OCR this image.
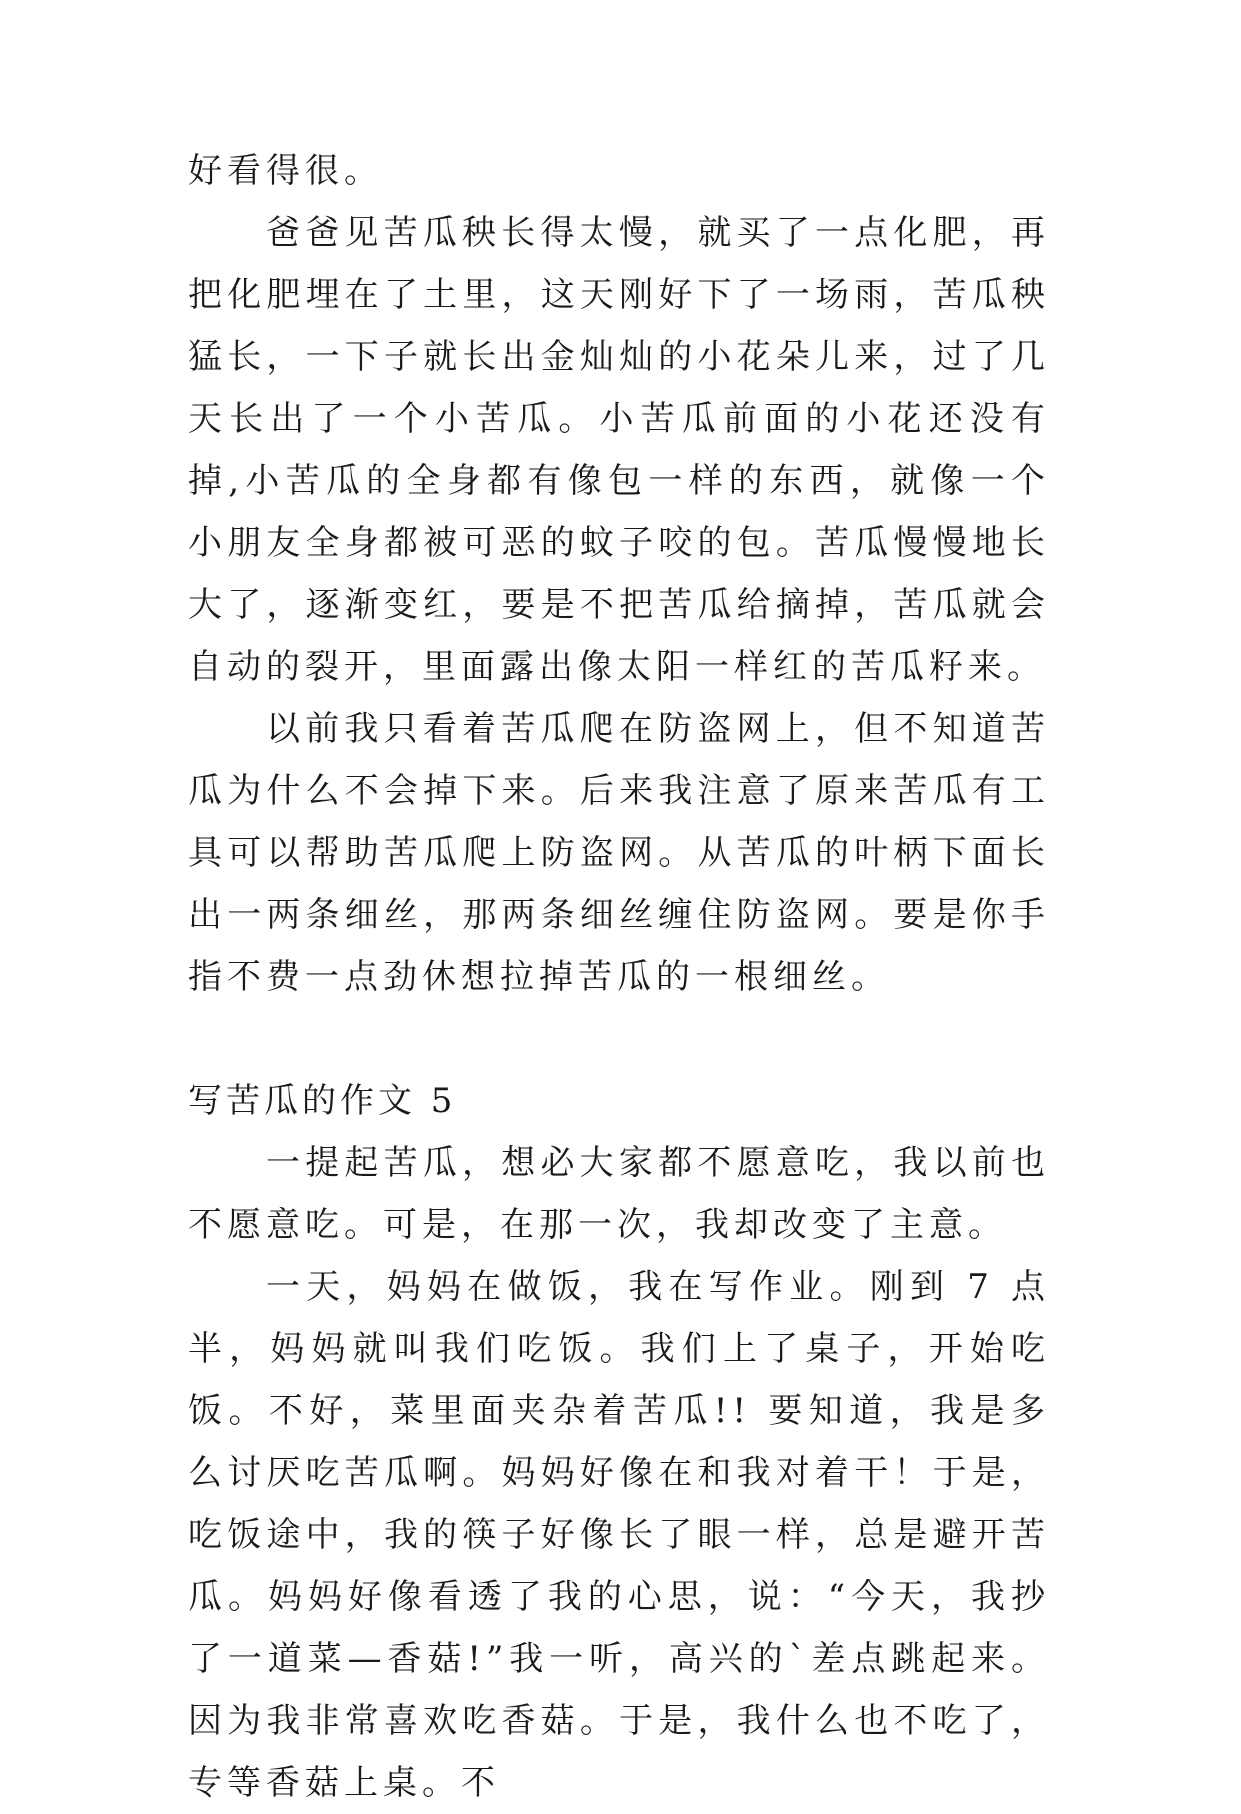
好看得很。

爸爸见苦瓜秧长得太慢，就买了一点化肥，再把化肥埋在了土里，这天刚好下了一场雨，苦瓜秧猛长，一下子就长出金灿灿的小花朵儿来，过了几天长出了一个小苦瓜。小苦瓜前面的小花还没有掉,小苦瓜的全身都有像包一样的东西，就像一个小朋友全身都被可恶的蚊子咬的包。苦瓜慢慢地长大了，逐渐变红，要是不把苦瓜给摘掉，苦瓜就会自动的裂开，里面露出像太阳一样红的苦瓜籽来。

以前我只看着苦瓜爬在防盗网上，但不知道苦瓜为什么不会掉下来。后来我注意了原来苦瓜有工具可以帮助苦瓜爬上防盗网。从苦瓜的叶柄下面长出一两条细丝，那两条细丝缠住防盗网。要是你手指不费一点劲休想拉掉苦瓜的一根细丝。

写苦瓜的作文 5

一提起苦瓜，想必大家都不愿意吃，我以前也不愿意吃。可是，在那一次，我却改变了主意。

一天，妈妈在做饭，我在写作业。刚到 7 点半，妈妈就叫我们吃饭。我们上了桌子，开始吃饭。不好，菜里面夹杂着苦瓜!! 要知道，我是多么讨厌吃苦瓜啊。妈妈好像在和我对着干！于是，吃饭途中，我的筷子好像长了眼一样，总是避开苦瓜。妈妈好像看透了我的心思，说：“今天，我抄了一道菜—香菇!”我一听，高兴的`差点跳起来。因为我非常喜欢吃香菇。于是，我什么也不吃了，专等香菇上桌。不
